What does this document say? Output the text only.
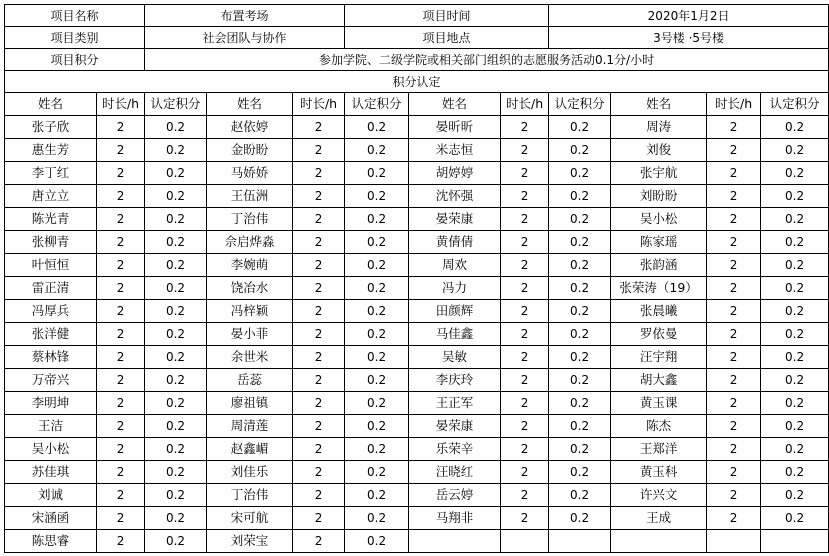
项目名称		布置考场			项目时间			2020年1月2日			
项目类别		社会团队与协作			项目地点			3号楼 ·5号楼			
项目积分		参加学院、二级学院或相关部门组织的志愿服务活动0.1分/小时									
积分认定											
姓名	时长/h	认定积分	姓名	时长/h	认定积分	姓名	时长/h	认定积分	姓名	时长/h	认定积分
张子欣	2	0.2	赵依婷	2	0.2	晏昕昕	2	0.2	周涛	2	0.2
惠生芳	2	0.2	金盼盼	2	0.2	米志恒	2	0.2	刘俊	2	0.2
李丁红	2	0.2	马娇娇	2	0.2	胡婷婷	2	0.2	张宇航	2	0.2
唐立立	2	0.2	王伍洲	2	0.2	沈怀强	2	0.2	刘盼盼	2	0.2
陈光青	2	0.2	丁治伟	2	0.2	晏荣康	2	0.2	吴小松	2	0.2
张柳青	2	0.2	佘启烨淼	2	0.2	黄倩倩	2	0.2	陈家瑶	2	0.2
叶恒恒	2	0.2	李婉萌	2	0.2	周欢	2	0.2	张韵涵	2	0.2
雷正清	2	0.2	饶冶水	2	0.2	冯力	2	0.2	张荣涛（19）	2	0.2
冯厚兵	2	0.2	冯梓颖	2	0.2	田颜辉	2	0.2	张晨曦	2	0.2
张洋健	2	0.2	晏小菲	2	0.2	马佳鑫	2	0.2	罗依曼	2	0.2
蔡林锋	2	0.2	余世米	2	0.2	吴敏	2	0.2	汪宇翔	2	0.2
万帝兴	2	0.2	岳蕊	2	0.2	李庆玲	2	0.2	胡大鑫	2	0.2
李明坤	2	0.2	廖祖镇	2	0.2	王正军	2	0.2	黄玉课	2	0.2
王洁	2	0.2	周清莲	2	0.2	晏荣康	2	0.2	陈杰	2	0.2
吴小松	2	0.2	赵鑫嵋	2	0.2	乐荣辛	2	0.2	王郑洋	2	0.2
苏佳琪	2	0.2	刘佳乐	2	0.2	汪晓红	2	0.2	黄玉科	2	0.2
刘诚	2	0.2	丁治伟	2	0.2	岳云婷	2	0.2	许兴文	2	0.2
宋涵函	2	0.2	宋可航	2	0.2	马翔非	2	0.2	王成	2	0.2
陈思睿	2	0.2	刘荣宝	2	0.2						
